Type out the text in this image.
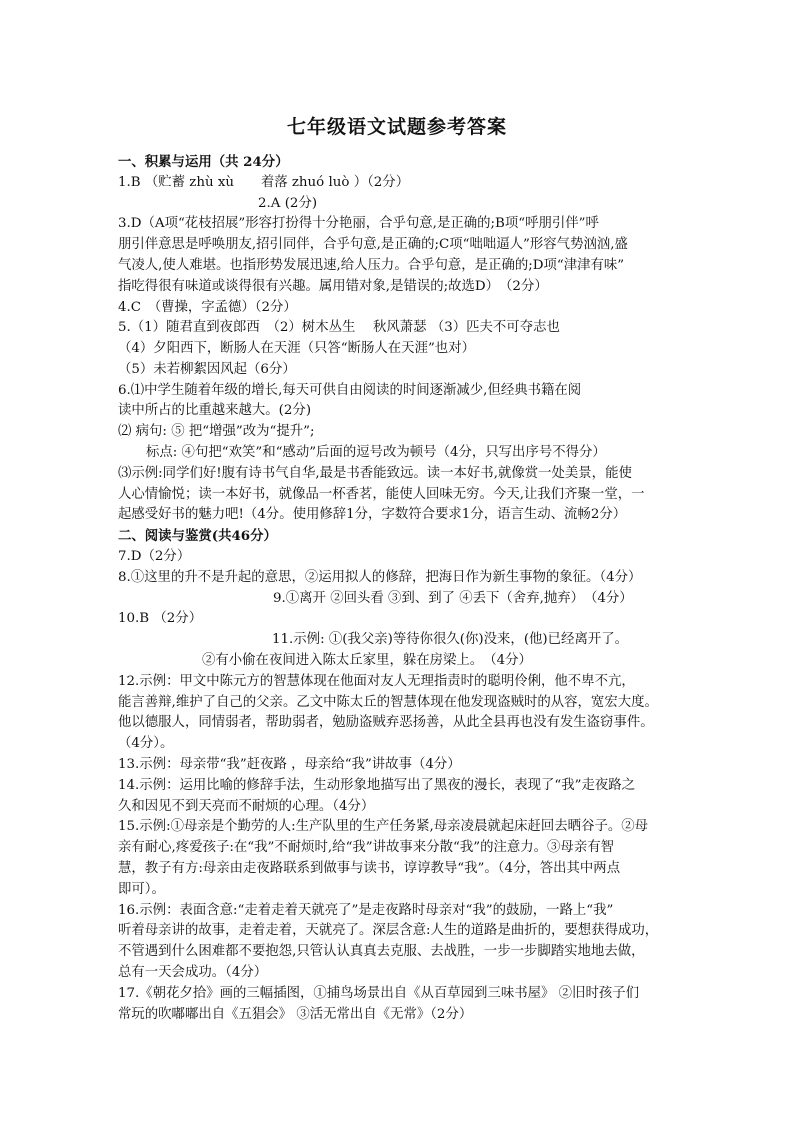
七年级语文试题参考答案
一、积累与运用（共 24分）
1.B （贮蓄 zhù xù　　着落 zhuó luò ）（2分）
2.A (2分)
3.D（A项“花枝招展”形容打扮得十分艳丽，合乎句意,是正确的;B项“呼朋引伴”呼
朋引伴意思是呼唤朋友,招引同伴，合乎句意,是正确的;C项“咄咄逼人”形容气势汹汹,盛
气凌人,使人难堪。也指形势发展迅速,给人压力。合乎句意，是正确的;D项“津津有味”
指吃得很有味道或谈得很有兴趣。属用错对象,是错误的;故选D）　（2分）
4.C　（曹操，字孟德）（2分）
5.（1）随君直到夜郎西　（2）树木丛生　 秋风萧瑟 （3）匹夫不可夺志也
（4）夕阳西下，断肠人在天涯（只答“断肠人在天涯”也对）
（5）未若柳絮因风起（6分）
6.⑴中学生随着年级的增长,每天可供自由阅读的时间逐渐减少,但经典书籍在阅
读中所占的比重越来越大。(2分)
⑵ 病句: ⑤ 把“增强”改为“提升”;
标点: ④句把“欢笑”和“感动”后面的逗号改为顿号（4分，只写出序号不得分）
⑶示例:同学们好!腹有诗书气自华,最是书香能致远。读一本好书,就像赏一处美景，能使
人心情愉悦；读一本好书，就像品一杯香茗，能使人回味无穷。今天,让我们齐聚一堂，一
起感受好书的魅力吧!（4分。使用修辞1分，字数符合要求1分，语言生动、流畅2分）
二、阅读与鉴赏(共46分）
7.D（2分）
8.①这里的升不是升起的意思，②运用拟人的修辞，把海日作为新生事物的象征。（4分）
9.①离开 ②回头看 ③到、到了 ④丢下（舍弃,抛弃）　（4分）
10.B （2分）
11.示例: ①(我父亲)等待你很久(你)没来，(他)已经离开了。
②有小偷在夜间进入陈太丘家里，躲在房梁上。　（4分）
12.示例：甲文中陈元方的智慧体现在他面对友人无理指责时的聪明伶俐，他不卑不亢，
能言善辩,维护了自己的父亲。乙文中陈太丘的智慧体现在他发现盗贼时的从容，宽宏大度。
他以德服人，同情弱者，帮助弱者，勉励盗贼弃恶扬善，从此全县再也没有发生盗窃事件。
（4分）。
13.示例：母亲带“我”赶夜路 ，母亲给“我”讲故事（4分）
14.示例：运用比喻的修辞手法，生动形象地描写出了黑夜的漫长，表现了“我”走夜路之
久和因见不到天亮而不耐烦的心理。（4分）
15.示例:①母亲是个勤劳的人:生产队里的生产任务紧,母亲凌晨就起床赶回去晒谷子。②母
亲有耐心,疼爱孩子:在“我”不耐烦时,给“我”讲故事来分散“我”的注意力。③母亲有智
慧，教子有方:母亲由走夜路联系到做事与读书，谆谆教导“我”。（4分，答出其中两点
即可）。
16.示例：表面含意:“走着走着天就亮了”是走夜路时母亲对“我”的鼓励，一路上“我”
听着母亲讲的故事，走着走着，天就亮了。深层含意:人生的道路是曲折的，要想获得成功，
不管遇到什么困难都不要抱怨,只管认认真真去克服、去战胜，一步一步脚踏实地地去做，
总有一天会成功。（4分）
17.《朝花夕拾》画的三幅插图，①捕鸟场景出自《从百草园到三味书屋》 ②旧时孩子们
常玩的吹嘟嘟出自《五猖会》 ③活无常出自《无常》（2分）
